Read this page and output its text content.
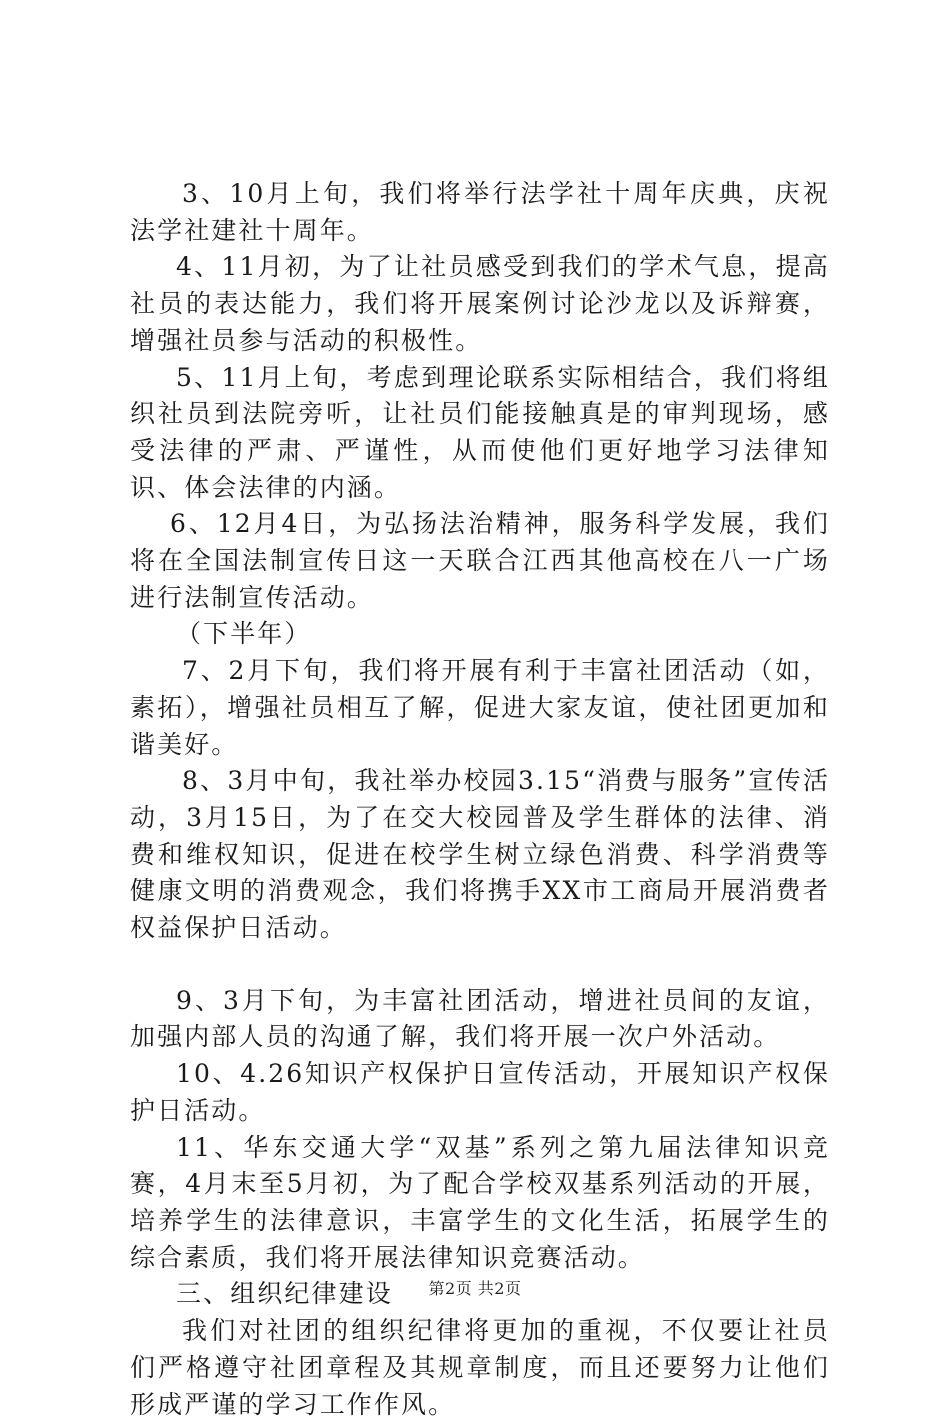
3、10月上旬，我们将举行法学社十周年庆典，庆祝法学社建社十周年。

4、11月初，为了让社员感受到我们的学术气息，提高社员的表达能力，我们将开展案例讨论沙龙以及诉辩赛，增强社员参与活动的积极性。

5、11月上旬，考虑到理论联系实际相结合，我们将组织社员到法院旁听，让社员们能接触真是的审判现场，感受法律的严肃、严谨性，从而使他们更好地学习法律知识、体会法律的内涵。

6、12月4日，为弘扬法治精神，服务科学发展，我们将在全国法制宣传日这一天联合江西其他高校在八一广场进行法制宣传活动。

（下半年）

7、2月下旬，我们将开展有利于丰富社团活动（如，素拓），增强社员相互了解，促进大家友谊，使社团更加和谐美好。

8、3月中旬，我社举办校园3.15“消费与服务”宣传活动，3月15日，为了在交大校园普及学生群体的法律、消费和维权知识，促进在校学生树立绿色消费、科学消费等健康文明的消费观念，我们将携手XX市工商局开展消费者权益保护日活动。

9、3月下旬，为丰富社团活动，增进社员间的友谊，加强内部人员的沟通了解，我们将开展一次户外活动。

10、4.26知识产权保护日宣传活动，开展知识产权保护日活动。

11、华东交通大学“双基”系列之第九届法律知识竞赛，4月末至5月初，为了配合学校双基系列活动的开展，培养学生的法律意识，丰富学生的文化生活，拓展学生的综合素质，我们将开展法律知识竞赛活动。

三、组织纪律建设

我们对社团的组织纪律将更加的重视，不仅要让社员们严格遵守社团章程及其规章制度，而且还要努力让他们形成严谨的学习工作作风。

第2页 共2页
